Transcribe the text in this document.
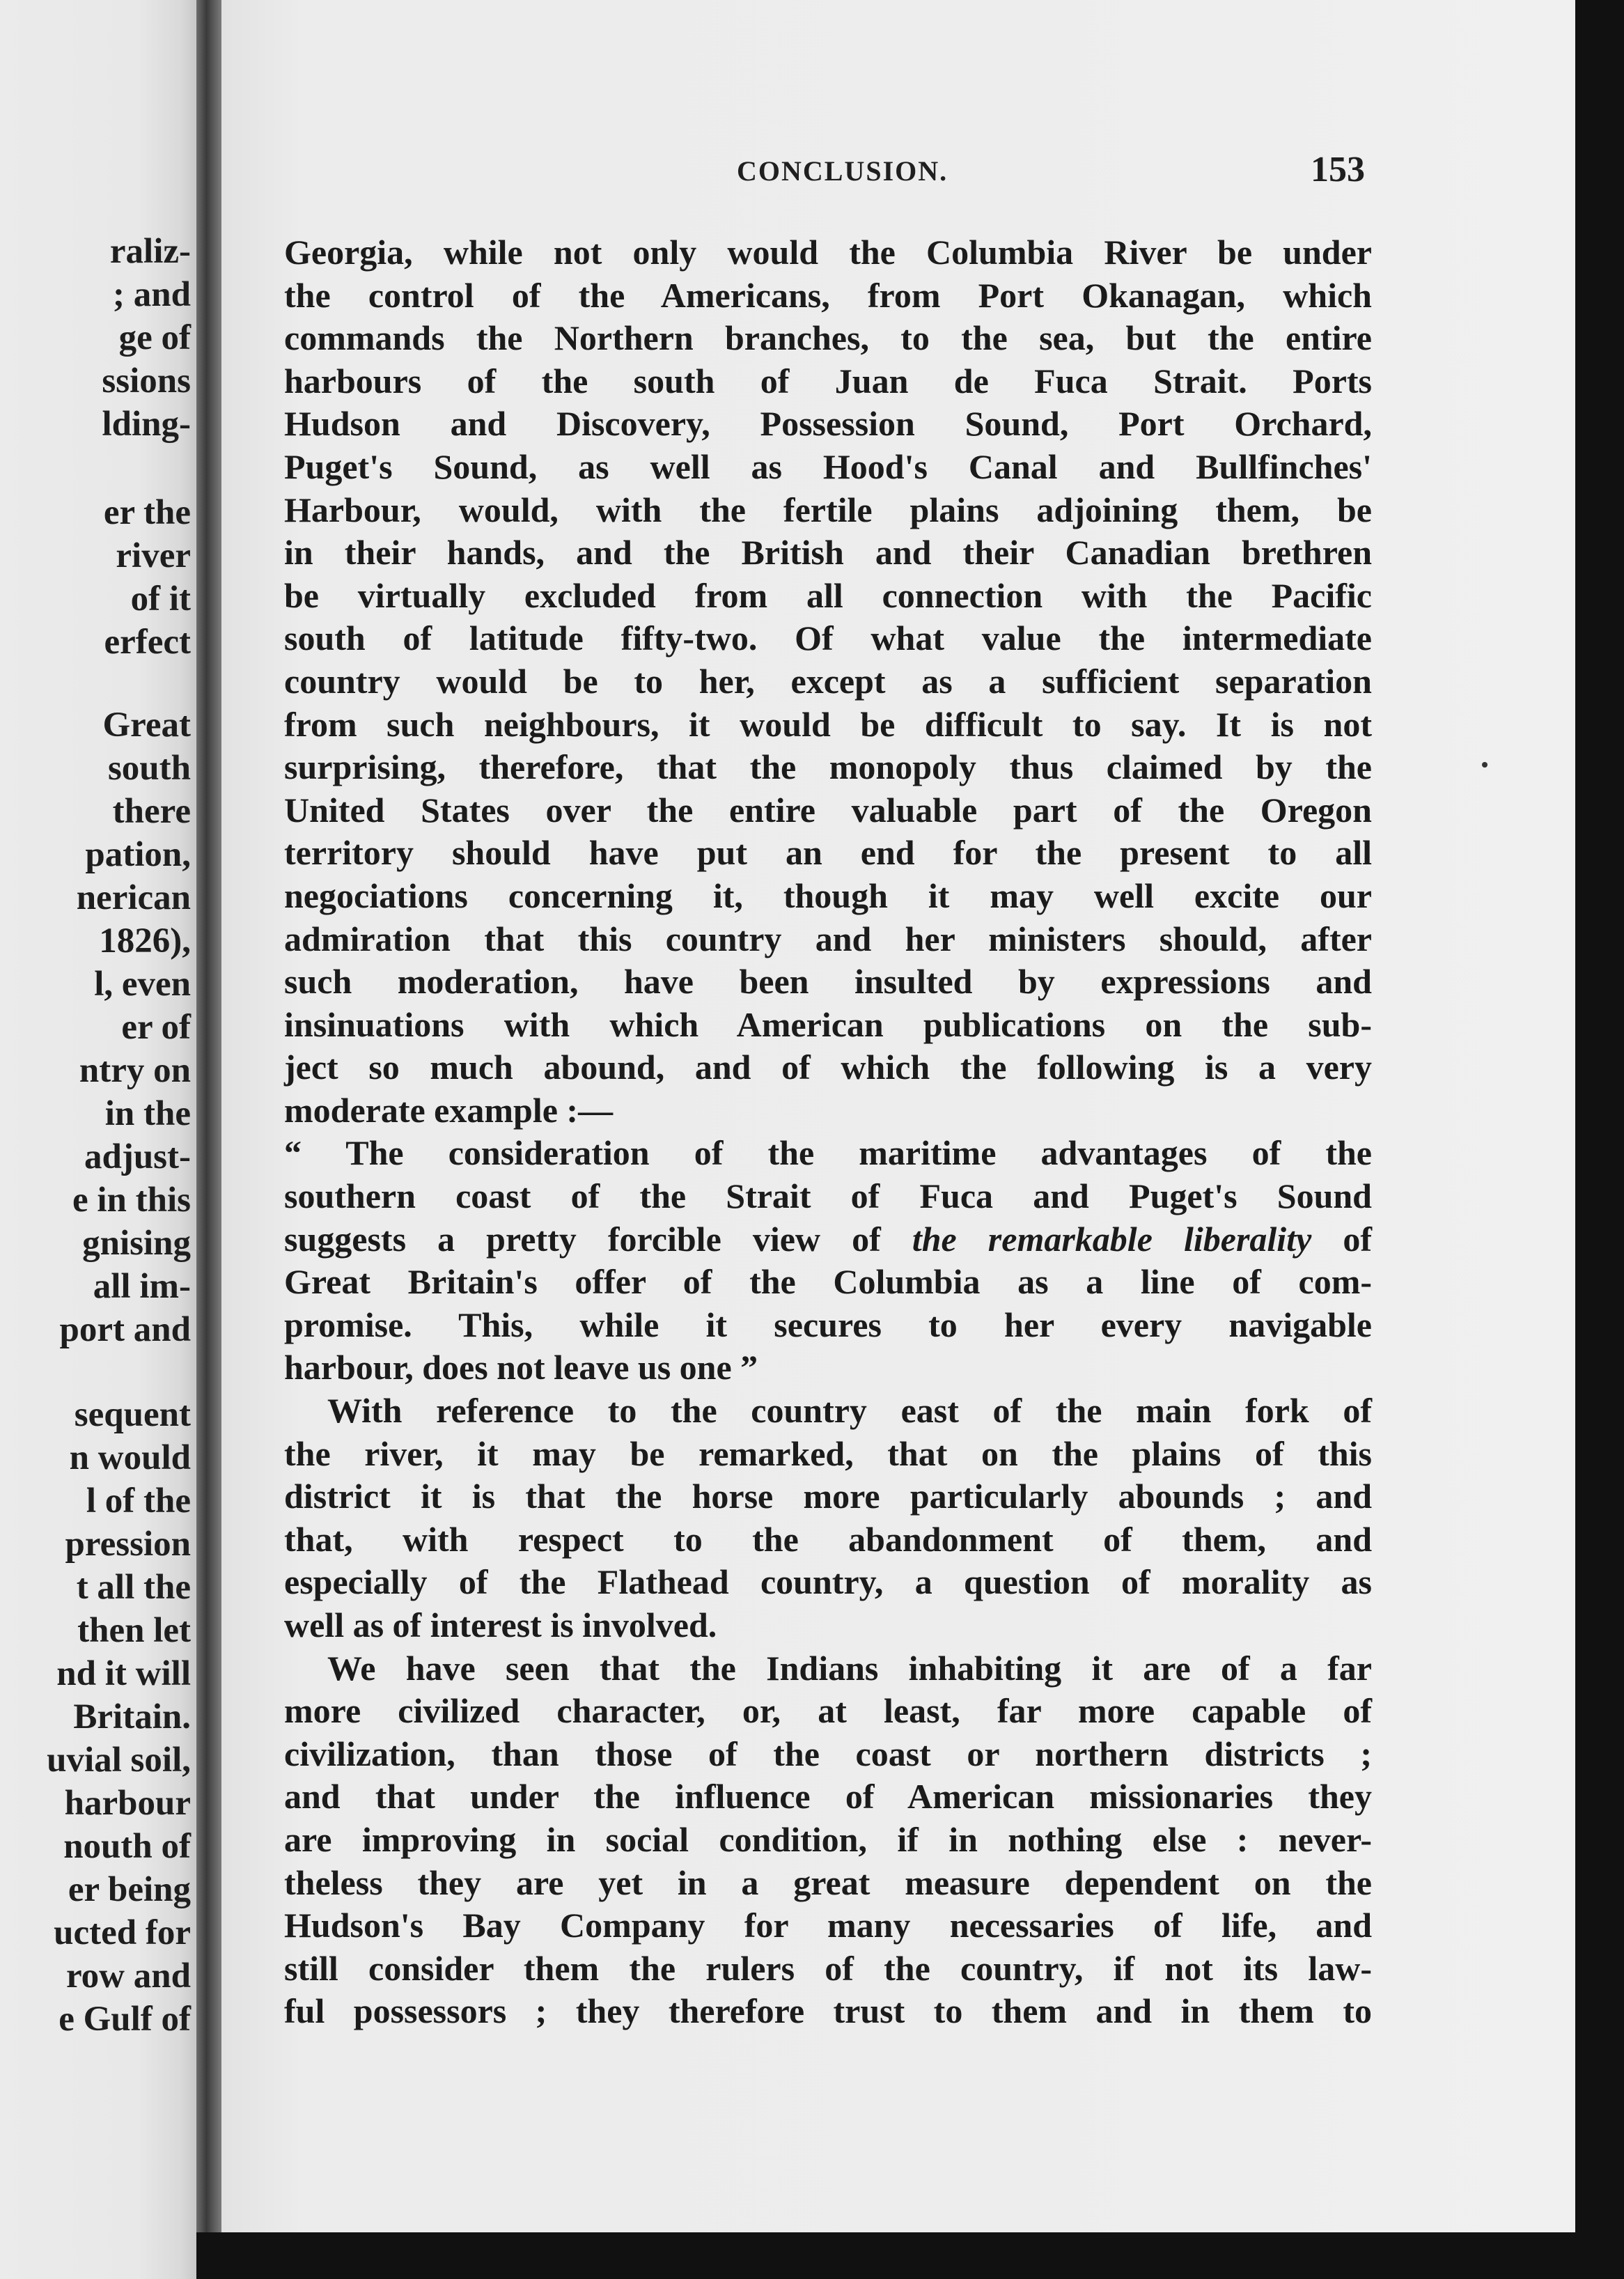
raliz-
; and
ge of
ssions
lding-
er the
river
of it
erfect
Great
south
there
pation,
nerican
1826),
l, even
er of
ntry on
in the
adjust-
e in this
gnising
all im-
port and
sequent
n would
l of the
pression
t all the
then let
nd it will
Britain.
uvial soil,
harbour
nouth of
er being
ucted for
row and
e Gulf of
CONCLUSION.	153
Georgia, while not only would the Columbia River be under
the control of the Americans, from Port Okanagan, which
commands the Northern branches, to the sea, but the entire
harbours of the south of Juan de Fuca Strait. Ports
Hudson and Discovery, Possession Sound, Port Orchard,
Puget's Sound, as well as Hood's Canal and Bullfinches'
Harbour, would, with the fertile plains adjoining them, be
in their hands, and the British and their Canadian brethren
be virtually excluded from all connection with the Pacific
south of latitude fifty-two. Of what value the intermediate
country would be to her, except as a sufficient separation
from such neighbours, it would be difficult to say. It is not
surprising, therefore, that the monopoly thus claimed by the
United States over the entire valuable part of the Oregon
territory should have put an end for the present to all
negociations concerning it, though it may well excite our
admiration that this country and her ministers should, after
such moderation, have been insulted by expressions and
insinuations with which American publications on the sub-
ject so much abound, and of which the following is a very
moderate example :—
“ The consideration of the maritime advantages of the
southern coast of the Strait of Fuca and Puget's Sound
suggests a pretty forcible view of the remarkable liberality of
Great Britain's offer of the Columbia as a line of com-
promise. This, while it secures to her every navigable
harbour, does not leave us one ”
With reference to the country east of the main fork of
the river, it may be remarked, that on the plains of this
district it is that the horse more particularly abounds ; and
that, with respect to the abandonment of them, and
especially of the Flathead country, a question of morality as
well as of interest is involved.
We have seen that the Indians inhabiting it are of a far
more civilized character, or, at least, far more capable of
civilization, than those of the coast or northern districts ;
and that under the influence of American missionaries they
are improving in social condition, if in nothing else : never-
theless they are yet in a great measure dependent on the
Hudson's Bay Company for many necessaries of life, and
still consider them the rulers of the country, if not its law-
ful possessors ; they therefore trust to them and in them to
